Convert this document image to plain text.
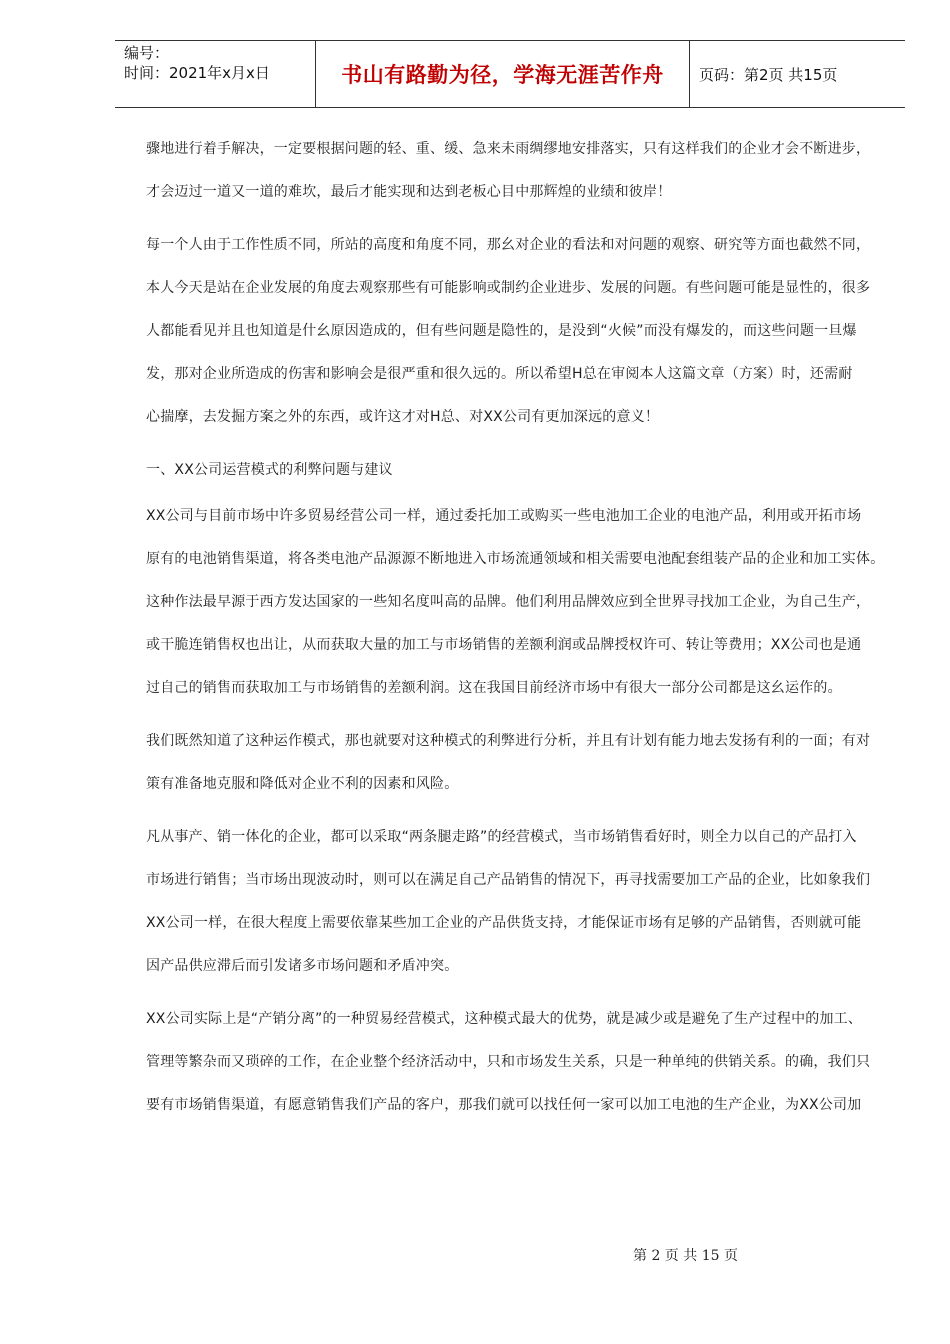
编号：
时间：2021年x月x日	书山有路勤为径，学海无涯苦作舟 页码：第2页 共15页
骤地进行着手解决，一定要根据问题的轻、重、缓、急来未雨绸缪地安排落实，只有这样我们的企业才会不断进步，
才会迈过一道又一道的难坎，最后才能实现和达到老板心目中那辉煌的业绩和彼岸！
每一个人由于工作性质不同，所站的高度和角度不同，那幺对企业的看法和对问题的观察、研究等方面也截然不同，
本人今天是站在企业发展的角度去观察那些有可能影响或制约企业进步、发展的问题。有些问题可能是显性的，很多
人都能看见并且也知道是什幺原因造成的，但有些问题是隐性的，是没到“火候”而没有爆发的，而这些问题一旦爆
发，那对企业所造成的伤害和影响会是很严重和很久远的。所以希望H总在审阅本人这篇文章（方案）时，还需耐
心揣摩，去发掘方案之外的东西，或许这才对H总、对XX公司有更加深远的意义！
一、XX公司运营模式的利弊问题与建议
XX公司与目前市场中许多贸易经营公司一样，通过委托加工或购买一些电池加工企业的电池产品，利用或开拓市场
原有的电池销售渠道，将各类电池产品源源不断地进入市场流通领域和相关需要电池配套组装产品的企业和加工实体。
这种作法最早源于西方发达国家的一些知名度叫高的品牌。他们利用品牌效应到全世界寻找加工企业，为自己生产，
或干脆连销售权也出让，从而获取大量的加工与市场销售的差额利润或品牌授权许可、转让等费用；XX公司也是通
过自己的销售而获取加工与市场销售的差额利润。这在我国目前经济市场中有很大一部分公司都是这幺运作的。
我们既然知道了这种运作模式，那也就要对这种模式的利弊进行分析，并且有计划有能力地去发扬有利的一面；有对
策有准备地克服和降低对企业不利的因素和风险。
凡从事产、销一体化的企业，都可以采取“两条腿走路”的经营模式，当市场销售看好时，则全力以自己的产品打入
市场进行销售；当市场出现波动时，则可以在满足自己产品销售的情况下，再寻找需要加工产品的企业，比如象我们
XX公司一样，在很大程度上需要依靠某些加工企业的产品供货支持，才能保证市场有足够的产品销售，否则就可能
因产品供应滞后而引发诸多市场问题和矛盾冲突。
XX公司实际上是“产销分离”的一种贸易经营模式，这种模式最大的优势，就是减少或是避免了生产过程中的加工、
管理等繁杂而又琐碎的工作，在企业整个经济活动中，只和市场发生关系，只是一种单纯的供销关系。的确，我们只
要有市场销售渠道，有愿意销售我们产品的客户，那我们就可以找任何一家可以加工电池的生产企业，为XX公司加
第 2 页 共 15 页
